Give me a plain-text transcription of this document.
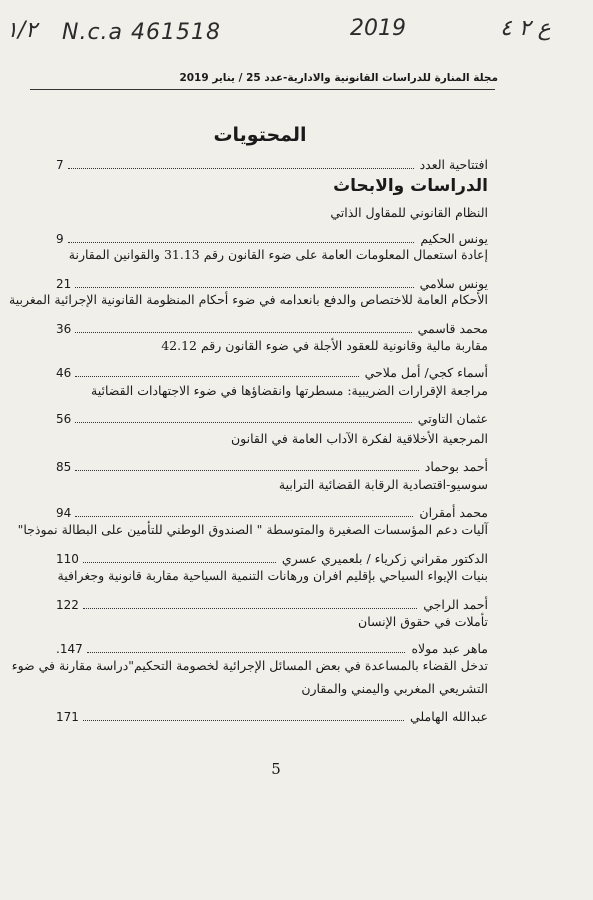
١/٢ N.c.a 461518	2019	ع ٢ ٤
مجلة المنارة للدراسات القانونية والادارية-عدد 25 / يناير 2019
المحتويات
افتتاحية العدد
7
الدراسات والابحاث
النظام القانوني للمقاول الذاتي
يونس الحكيم
9
إعادة استعمال المعلومات العامة على ضوء القانون رقم 31.13 والقوانين المقارنة
يونس سلامي
21
الأحكام العامة للاختصاص والدفع بانعدامه في ضوء أحكام المنظومة القانونية الإجرائية المغربية
محمد قاسمي
36
مقاربة مالية وقانونية للعقود الأجلة في ضوء القانون رقم 42.12
أسماء كجي/ أمل ملاحي
46
مراجعة الإقرارات الضريبية: مسطرتها وانقضاؤها في ضوء الاجتهادات القضائية
عثمان التاوتي
56
المرجعية الأخلاقية لفكرة الآداب العامة في القانون
أحمد بوحماد
85
سوسيو-اقتصادية الرقابة القضائية الترابية
محمد أمقران
94
آليات دعم المؤسسات الصغيرة والمتوسطة " الصندوق الوطني للتأمين على البطالة نموذجا"
الدكتور مقراني زكرياء / بلعميري عسري
110
بنيات الإيواء السياحي بإقليم افران ورهانات التنمية السياحية مقاربة قانونية وجغرافية
أحمد الراجي
122
تأملات في حقوق الإنسان
ماهر عبد مولاه
.147
تدخل القضاء بالمساعدة في بعض المسائل الإجرائية لخصومة التحكيم"دراسة مقارنة في ضوء
التشريعي المغربي واليمني والمقارن
عبدالله الهاملي
171
5
